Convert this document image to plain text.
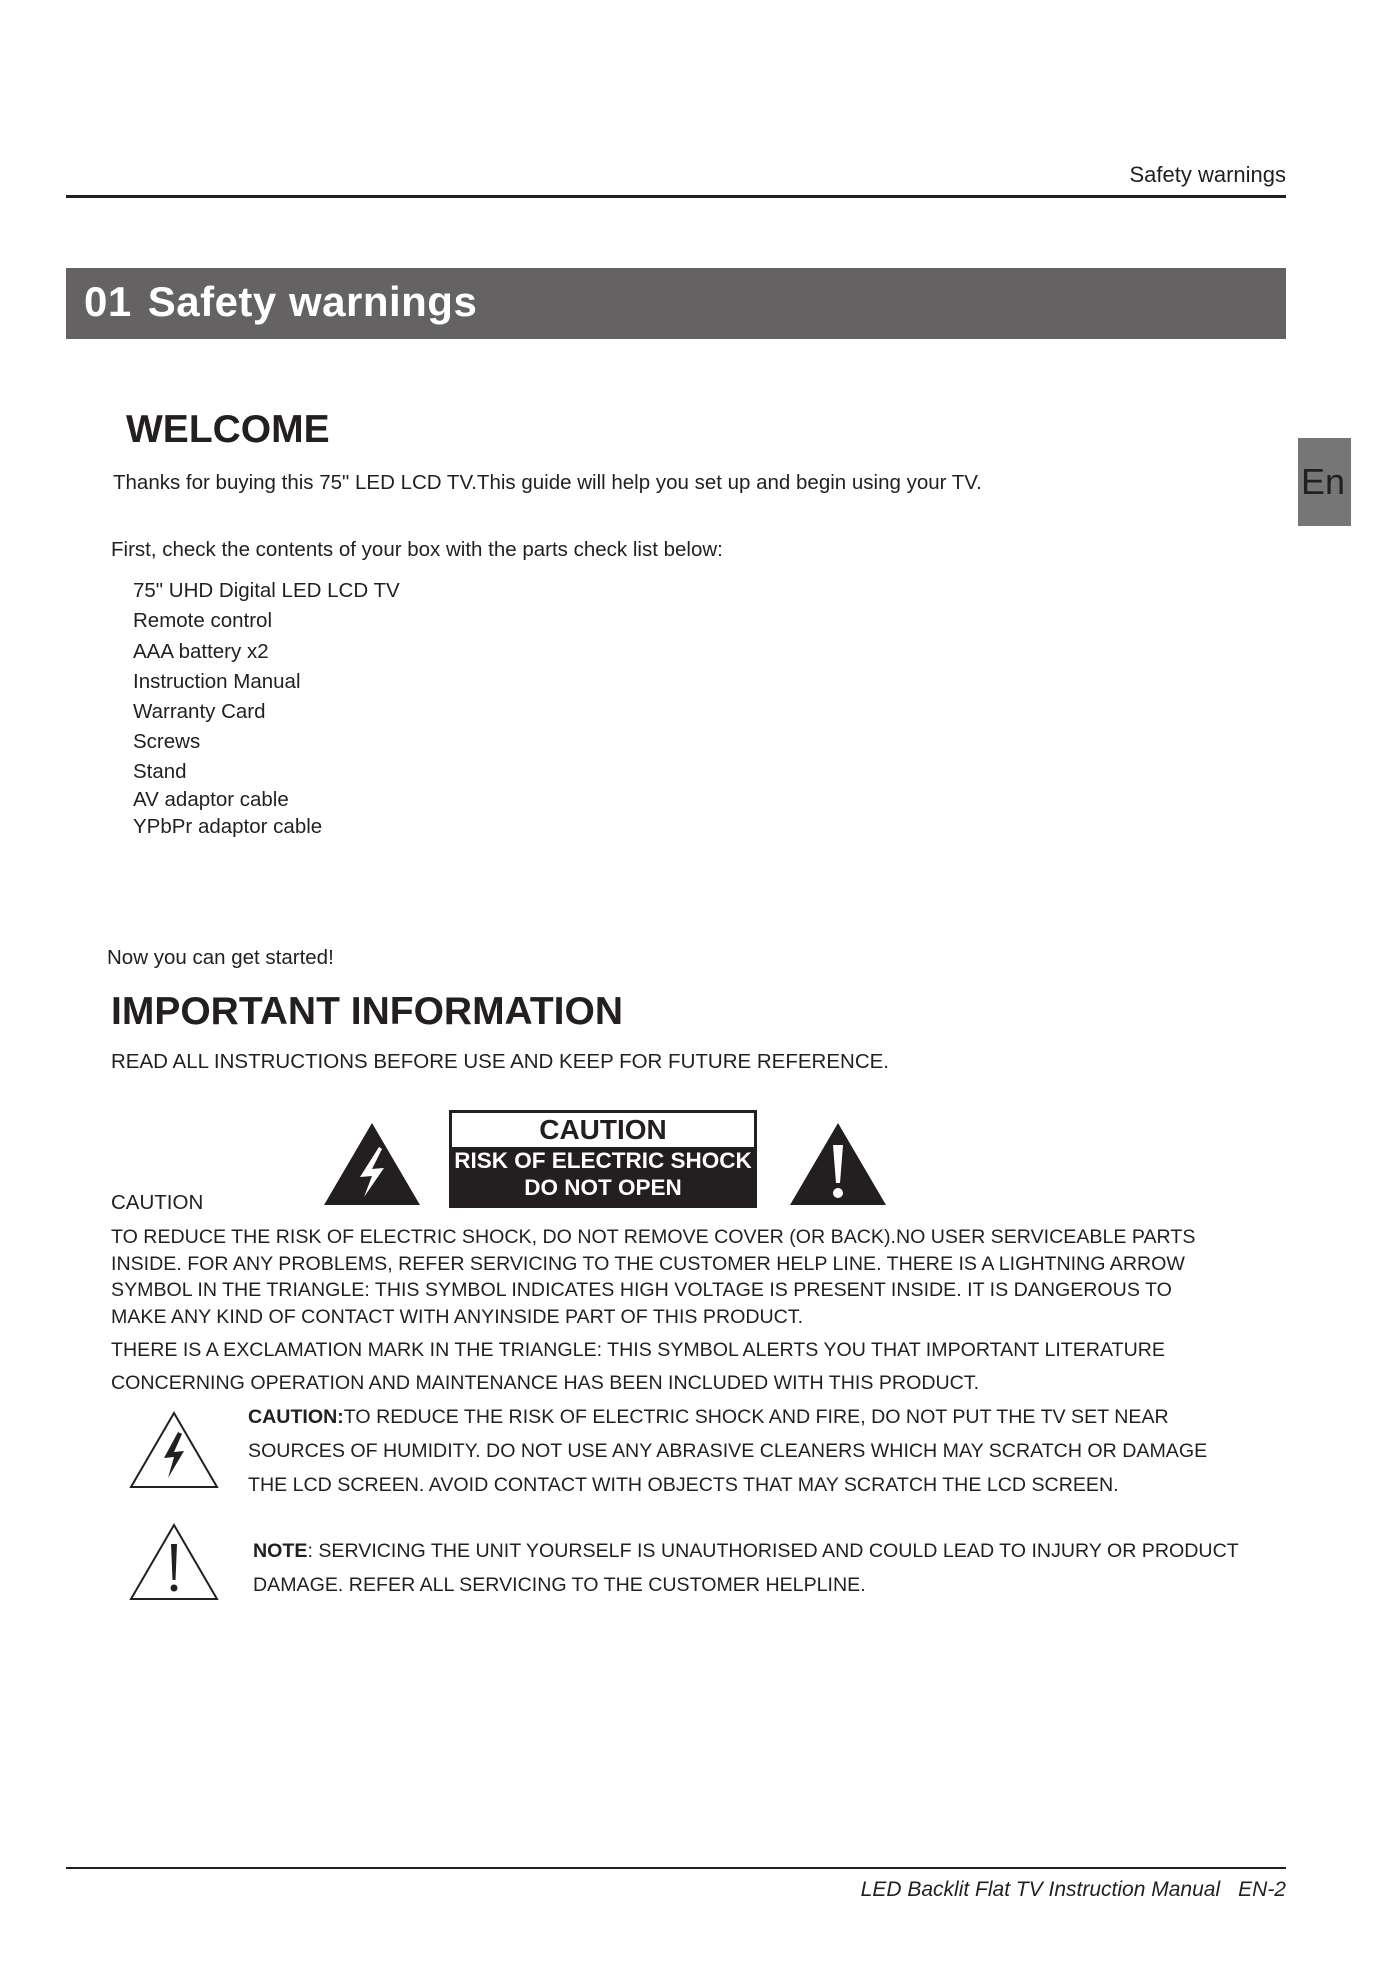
Safety warnings
01 Safety warnings
En
WELCOME
Thanks for buying this 75" LED LCD TV.This guide will help you set up and begin using your TV.
First, check the contents of your box with the parts check list below:
75" UHD Digital LED LCD TV
Remote control
AAA battery x2
Instruction Manual
Warranty Card
Screws
Stand
AV adaptor cable
YPbPr adaptor cable
Now you can get started!
IMPORTANT INFORMATION
READ ALL INSTRUCTIONS BEFORE USE AND KEEP FOR FUTURE REFERENCE.
CAUTION
CAUTION
RISK OF ELECTRIC SHOCK
DO NOT OPEN
TO REDUCE THE RISK OF ELECTRIC SHOCK, DO NOT REMOVE COVER (OR BACK).NO USER SERVICEABLE PARTS INSIDE. FOR ANY PROBLEMS, REFER SERVICING TO THE CUSTOMER HELP LINE. THERE IS A LIGHTNING ARROW SYMBOL IN THE TRIANGLE: THIS SYMBOL INDICATES HIGH VOLTAGE IS PRESENT INSIDE. IT IS DANGEROUS TO MAKE ANY KIND OF CONTACT WITH ANYINSIDE PART OF THIS PRODUCT.
THERE IS A EXCLAMATION MARK IN THE TRIANGLE: THIS SYMBOL ALERTS YOU THAT IMPORTANT LITERATURE CONCERNING OPERATION AND MAINTENANCE HAS BEEN INCLUDED WITH THIS PRODUCT.
CAUTION:TO REDUCE THE RISK OF ELECTRIC SHOCK AND FIRE, DO NOT PUT THE TV SET NEAR SOURCES OF HUMIDITY. DO NOT USE ANY ABRASIVE CLEANERS WHICH MAY SCRATCH OR DAMAGE THE LCD SCREEN. AVOID CONTACT WITH OBJECTS THAT MAY SCRATCH THE LCD SCREEN.
NOTE: SERVICING THE UNIT YOURSELF IS UNAUTHORISED AND COULD LEAD TO INJURY OR PRODUCT DAMAGE. REFER ALL SERVICING TO THE CUSTOMER HELPLINE.
LED Backlit Flat TV Instruction Manual EN-2
